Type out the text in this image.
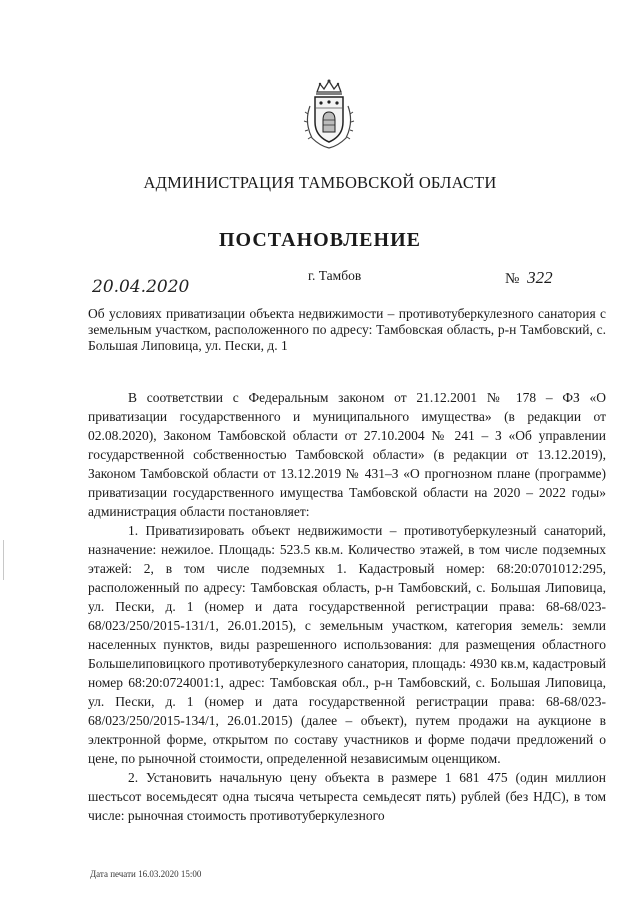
АДМИНИСТРАЦИЯ ТАМБОВСКОЙ ОБЛАСТИ
ПОСТАНОВЛЕНИЕ
20.04.2020
г. Тамбов	№ 322

Об условиях приватизации объекта недвижимости – противотуберкулезного санатория с земельным участком, расположенного по адресу: Тамбовская область, р-н Тамбовский, с. Большая Липовица, ул. Пески, д. 1

В соответствии с Федеральным законом от 21.12.2001 № 178 – ФЗ «О приватизации государственного и муниципального имущества» (в редакции от 02.08.2020), Законом Тамбовской области от 27.10.2004 № 241 – З «Об управлении государственной собственностью Тамбовской области» (в редакции от 13.12.2019), Законом Тамбовской области от 13.12.2019 № 431–З «О прогнозном плане (программе) приватизации государственного имущества Тамбовской области на 2020 – 2022 годы» администрация области постановляет:

1. Приватизировать объект недвижимости – противотуберкулезный санаторий, назначение: нежилое. Площадь: 523.5 кв.м. Количество этажей, в том числе подземных этажей: 2, в том числе подземных 1. Кадастровый номер: 68:20:0701012:295, расположенный по адресу: Тамбовская область, р-н Тамбовский, с. Большая Липовица, ул. Пески, д. 1 (номер и дата государственной регистрации права: 68-68/023-68/023/250/2015-131/1, 26.01.2015), с земельным участком, категория земель: земли населенных пунктов, виды разрешенного использования: для размещения областного Большелиповицкого противотуберкулезного санатория, площадь: 4930 кв.м, кадастровый номер 68:20:0724001:1, адрес: Тамбовская обл., р-н Тамбовский, с. Большая Липовица, ул. Пески, д. 1 (номер и дата государственной регистрации права: 68-68/023-68/023/250/2015-134/1, 26.01.2015) (далее – объект), путем продажи на аукционе в электронной форме, открытом по составу участников и форме подачи предложений о цене, по рыночной стоимости, определенной независимым оценщиком.

2. Установить начальную цену объекта в размере 1 681 475 (один миллион шестьсот восемьдесят одна тысяча четыреста семьдесят пять) рублей (без НДС), в том числе: рыночная стоимость противотуберкулезного

Дата печати 16.03.2020 15:00
